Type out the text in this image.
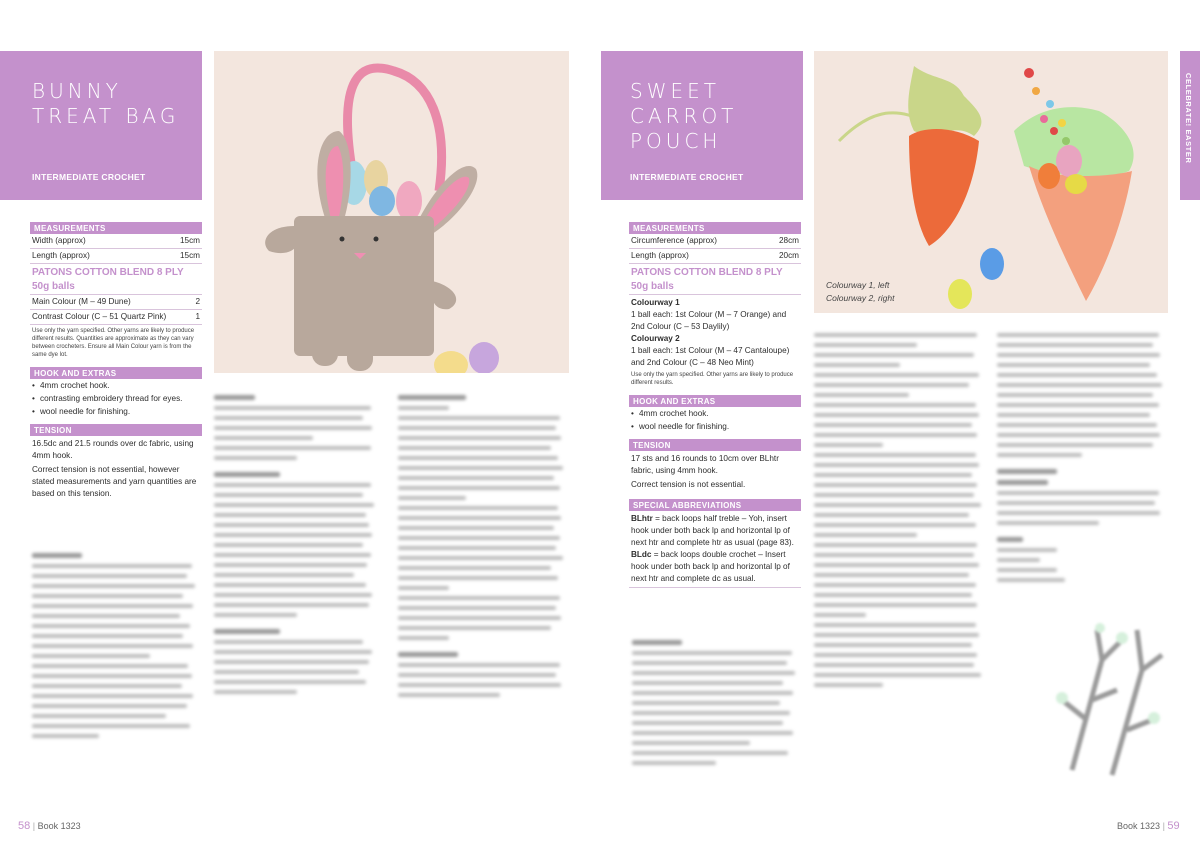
BUNNY TREAT BAG
INTERMEDIATE CROCHET
MEASUREMENTS
Width (approx)	15cm
Length (approx)	15cm
PATONS COTTON BLEND 8 PLY
50g balls
Main Colour (M – 49 Dune)	2
Contrast Colour (C – 51 Quartz Pink)	1
Use only the yarn specified. Other yarns are likely to produce different results. Quantities are approximate as they can vary between crocheters. Ensure all Main Colour yarn is from the same dye lot.
HOOK AND EXTRAS
• 4mm crochet hook.
• contrasting embroidery thread for eyes.
• wool needle for finishing.
TENSION
16.5dc and 21.5 rounds over dc fabric, using 4mm hook.
Correct tension is not essential, however stated measurements and yarn quantities are based on this tension.
58 | Book 1323
SWEET CARROT POUCH
INTERMEDIATE CROCHET
Colourway 1, left
Colourway 2, right
MEASUREMENTS
Circumference (approx)	28cm
Length (approx)	20cm
PATONS COTTON BLEND 8 PLY
50g balls
Colourway 1
1 ball each: 1st Colour (M – 7 Orange) and 2nd Colour (C – 53 Daylily)
Colourway 2
1 ball each: 1st Colour (M – 47 Cantaloupe) and 2nd Colour (C – 48 Neo Mint)
Use only the yarn specified. Other yarns are likely to produce different results.
HOOK AND EXTRAS
• 4mm crochet hook.
• wool needle for finishing.
TENSION
17 sts and 16 rounds to 10cm over BLhtr fabric, using 4mm hook.
Correct tension is not essential.
SPECIAL ABBREVIATIONS
BLhtr = back loops half treble – Yoh, insert hook under both back lp and horizontal lp of next htr and complete htr as usual (page 83).
BLdc = back loops double crochet – Insert hook under both back lp and horizontal lp of next htr and complete dc as usual.
CELEBRATE! EASTER
Book 1323 | 59
